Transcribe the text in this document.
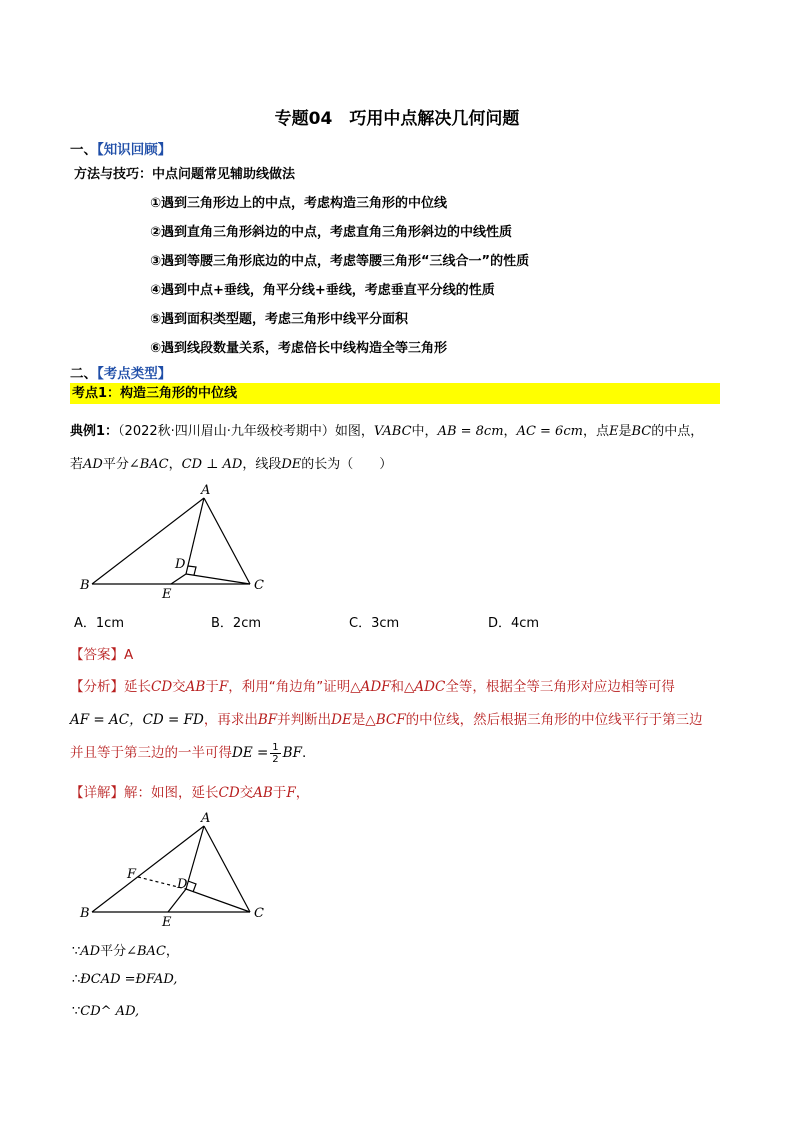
专题04　巧用中点解决几何问题
一、【知识回顾】
方法与技巧：中点问题常见辅助线做法
①遇到三角形边上的中点，考虑构造三角形的中位线
②遇到直角三角形斜边的中点，考虑直角三角形斜边的中线性质
③遇到等腰三角形底边的中点，考虑等腰三角形“三线合一”的性质
④遇到中点+垂线，角平分线+垂线，考虑垂直平分线的性质
⑤遇到面积类型题，考虑三角形中线平分面积
⑥遇到线段数量关系，考虑倍长中线构造全等三角形
二、【考点类型】
考点1：构造三角形的中位线
典例1：（2022秋·四川眉山·九年级校考期中）如图，VABC中，AB = 8cm，AC = 6cm，点E是BC的中点，
若AD平分∠BAC，CD ⊥ AD，线段DE的长为（　　）
A
B	C
D
E
A．1cm	B．2cm	C．3cm	D．4cm
【答案】A
【分析】延长CD交AB于F，利用“角边角”证明△ADF和△ADC全等，根据全等三角形对应边相等可得
AF = AC，CD = FD，再求出BF并判断出DE是△BCF的中位线，然后根据三角形的中位线平行于第三边
并且等于第三边的一半可得DE = $\frac{1}{2}$ BF.
【详解】解：如图，延长CD交AB于F，
A
B	C
D
E
F
∵AD平分∠BAC，
∴ÐCAD =ÐFAD,
∵CD^ AD,
